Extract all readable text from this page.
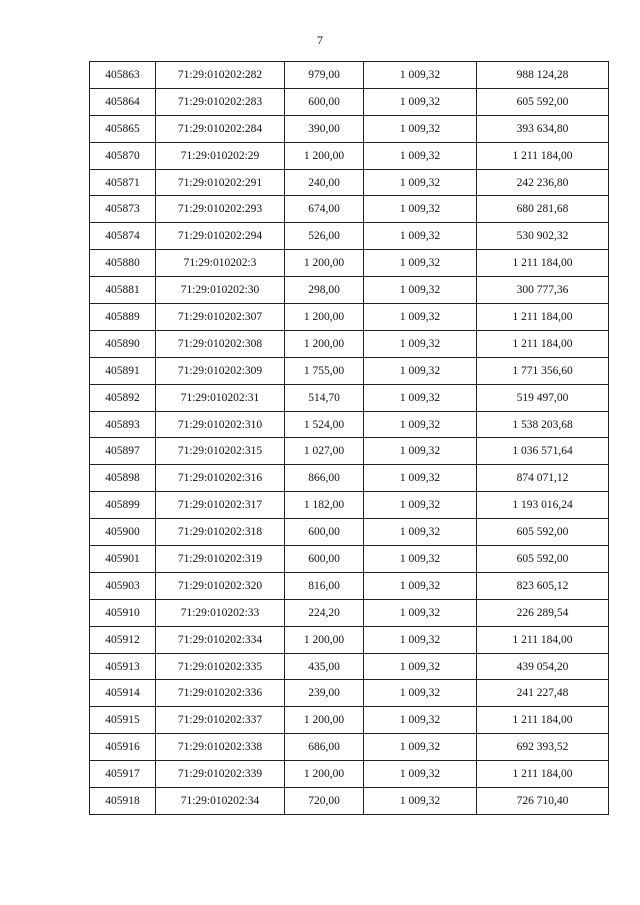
7
405863	71:29:010202:282	979,00	1 009,32	988 124,28
405864	71:29:010202:283	600,00	1 009,32	605 592,00
405865	71:29:010202:284	390,00	1 009,32	393 634,80
405870	71:29:010202:29	1 200,00	1 009,32	1 211 184,00
405871	71:29:010202:291	240,00	1 009,32	242 236,80
405873	71:29:010202:293	674,00	1 009,32	680 281,68
405874	71:29:010202:294	526,00	1 009,32	530 902,32
405880	71:29:010202:3	1 200,00	1 009,32	1 211 184,00
405881	71:29:010202:30	298,00	1 009,32	300 777,36
405889	71:29:010202:307	1 200,00	1 009,32	1 211 184,00
405890	71:29:010202:308	1 200,00	1 009,32	1 211 184,00
405891	71:29:010202:309	1 755,00	1 009,32	1 771 356,60
405892	71:29:010202:31	514,70	1 009,32	519 497,00
405893	71:29:010202:310	1 524,00	1 009,32	1 538 203,68
405897	71:29:010202:315	1 027,00	1 009,32	1 036 571,64
405898	71:29:010202:316	866,00	1 009,32	874 071,12
405899	71:29:010202:317	1 182,00	1 009,32	1 193 016,24
405900	71:29:010202:318	600,00	1 009,32	605 592,00
405901	71:29:010202:319	600,00	1 009,32	605 592,00
405903	71:29:010202:320	816,00	1 009,32	823 605,12
405910	71:29:010202:33	224,20	1 009,32	226 289,54
405912	71:29:010202:334	1 200,00	1 009,32	1 211 184,00
405913	71:29:010202:335	435,00	1 009,32	439 054,20
405914	71:29:010202:336	239,00	1 009,32	241 227,48
405915	71:29:010202:337	1 200,00	1 009,32	1 211 184,00
405916	71:29:010202:338	686,00	1 009,32	692 393,52
405917	71:29:010202:339	1 200,00	1 009,32	1 211 184,00
405918	71:29:010202:34	720,00	1 009,32	726 710,40
